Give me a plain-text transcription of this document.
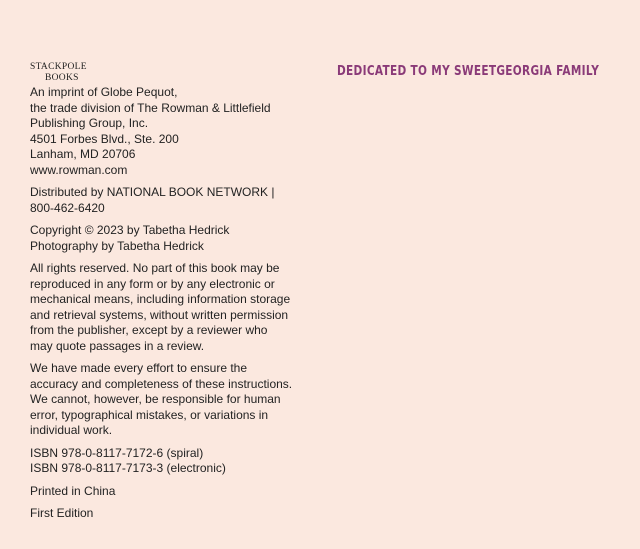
STACKPOLE
BOOKS
An imprint of Globe Pequot,
the trade division of The Rowman & Littlefield
Publishing Group, Inc.
4501 Forbes Blvd., Ste. 200
Lanham, MD 20706
www.rowman.com
Distributed by NATIONAL BOOK NETWORK |
800-462-6420
Copyright © 2023 by Tabetha Hedrick
Photography by Tabetha Hedrick
All rights reserved. No part of this book may be
reproduced in any form or by any electronic or
mechanical means, including information storage
and retrieval systems, without written permission
from the publisher, except by a reviewer who
may quote passages in a review.
We have made every effort to ensure the
accuracy and completeness of these instructions.
We cannot, however, be responsible for human
error, typographical mistakes, or variations in
individual work.
ISBN 978-0-8117-7172-6 (spiral)
ISBN 978-0-8117-7173-3 (electronic)
Printed in China
First Edition
DEDICATED TO MY SWEETGEORGIA FAMILY
